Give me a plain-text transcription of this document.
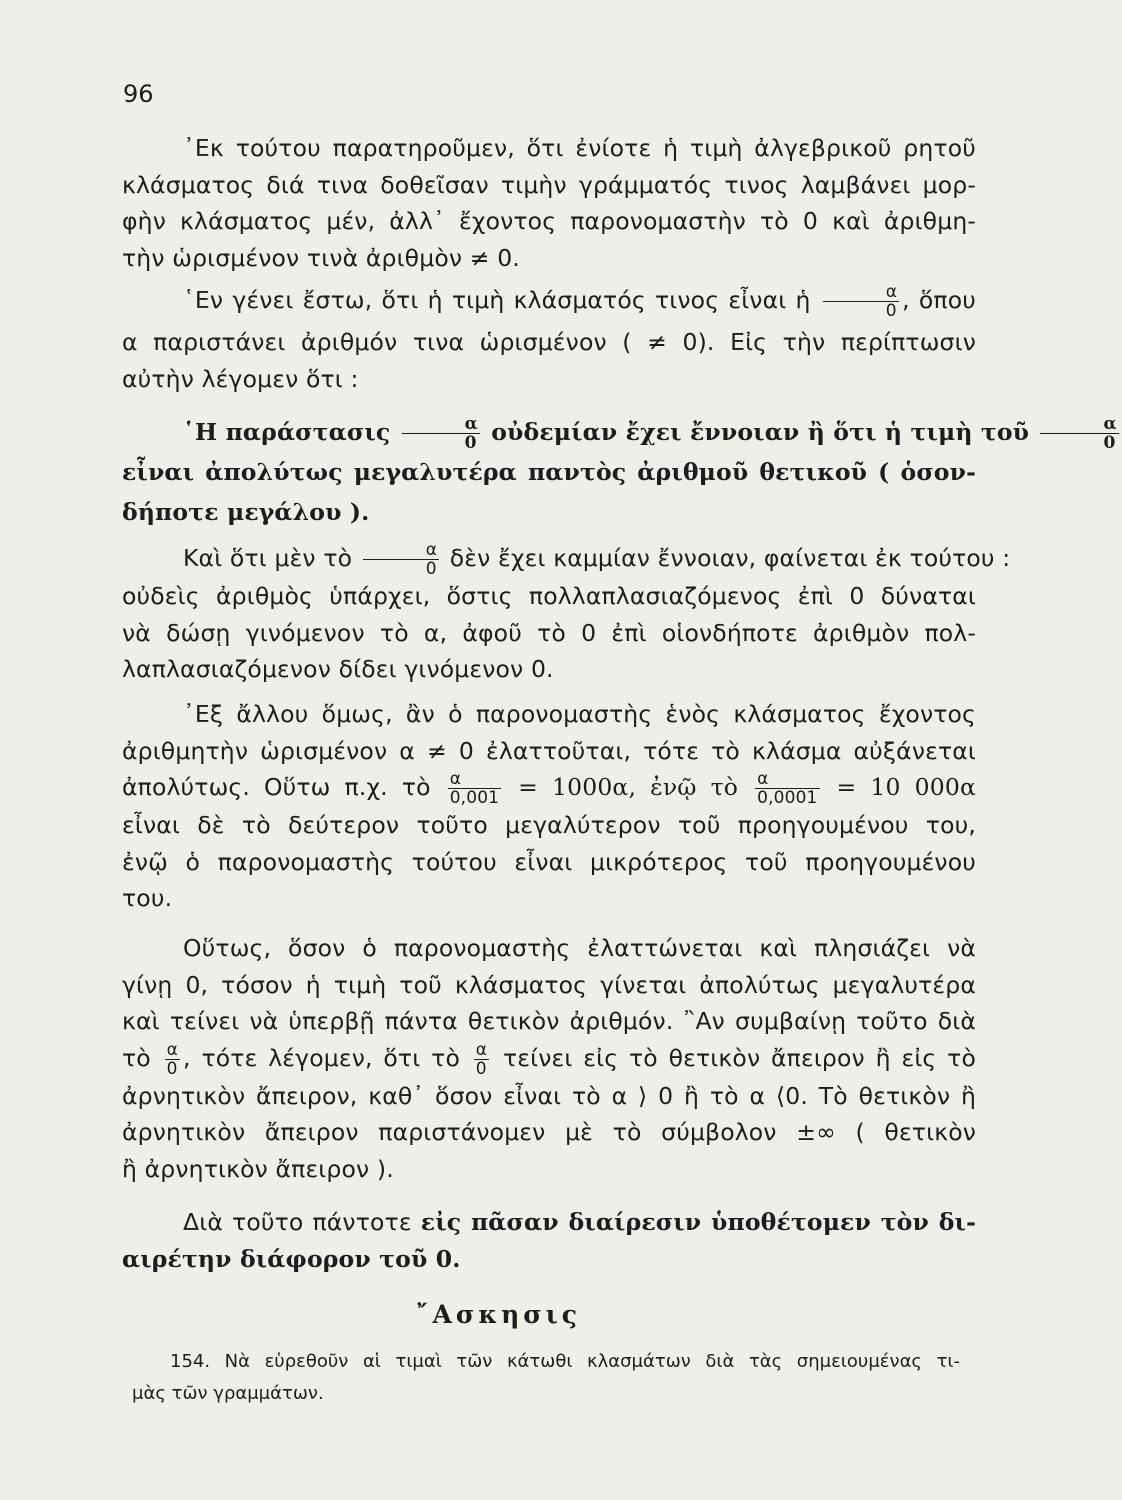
96
᾿Εκ τούτου παρατηροῦμεν, ὅτι ἐνίοτε ἡ τιμὴ ἀλγεβρικοῦ ρητοῦ
κλάσματος διά τινα δοθεῖσαν τιμὴν γράμματός τινος λαμβάνει μορ-
φὴν κλάσματος μέν, ἀλλ᾿ ἔχοντος παρονομαστὴν τὸ 0 καὶ ἀριθμη-
τὴν ὡρισμένον τινὰ ἀριθμὸν ≠ 0.
῾Εν γένει ἔστω, ὅτι ἡ τιμὴ κλάσματός τινος εἶναι ἡ $\frac{\alpha}{0}$ , ὅπου
α παριστάνει ἀριθμόν τινα ὡρισμένον ( ≠ 0). Εἰς τὴν περίπτωσιν
αὐτὴν λέγομεν ὅτι :
῾Η παράστασις $\frac{\alpha}{0}$ οὐδεμίαν ἔχει ἔννοιαν ἢ ὅτι ἡ τιμὴ τοῦ $\frac{\alpha}{0}$
εἶναι ἀπολύτως μεγαλυτέρα παντὸς ἀριθμοῦ θετικοῦ ( ὁσον-
δήποτε μεγάλου ).
Καὶ ὅτι μὲν τὸ $\frac{\alpha}{0}$ δὲν ἔχει καμμίαν ἔννοιαν, φαίνεται ἐκ τούτου :
οὐδεὶς ἀριθμὸς ὑπάρχει, ὅστις πολλαπλασιαζόμενος ἐπὶ 0 δύναται
νὰ δώσῃ γινόμενον τὸ α, ἀφοῦ τὸ 0 ἐπὶ οἱονδήποτε ἀριθμὸν πολ-
λαπλασιαζόμενον δίδει γινόμενον 0.
᾿Εξ ἄλλου ὅμως, ἂν ὁ παρονομαστὴς ἑνὸς κλάσματος ἔχοντος
ἀριθμητὴν ὡρισμένον α ≠ 0 ἐλαττοῦται, τότε τὸ κλάσμα αὐξάνεται
ἀπολύτως. Οὕτω π.χ. τὸ $\frac{\alpha}{0,001} = 1000\alpha$, ἐνῷ τὸ $\frac{\alpha}{0,0001} = 10$ 000α
εἶναι δὲ τὸ δεύτερον τοῦτο μεγαλύτερον τοῦ προηγουμένου του,
ἐνῷ ὁ παρονομαστὴς τούτου εἶναι μικρότερος τοῦ προηγουμένου
του.
Οὕτως, ὅσον ὁ παρονομαστὴς ἐλαττώνεται καὶ πλησιάζει νὰ
γίνῃ 0, τόσον ἡ τιμὴ τοῦ κλάσματος γίνεται ἀπολύτως μεγαλυτέρα
καὶ τείνει νὰ ὑπερβῇ πάντα θετικὸν ἀριθμόν. ῍Αν συμβαίνῃ τοῦτο διὰ
τὸ $\frac{\alpha}{0}$ , τότε λέγομεν, ὅτι τὸ $\frac{\alpha}{0}$ τείνει εἰς τὸ θετικὸν ἄπειρον ἢ εἰς τὸ
ἀρνητικὸν ἄπειρον, καθ᾿ ὅσον εἶναι τὸ α ⟩ 0 ἢ τὸ α ⟨0. Τὸ θετικὸν ἢ
ἀρνητικὸν ἄπειρον παριστάνομεν μὲ τὸ σύμβολον ±∞ ( θετικὸν
ἢ ἀρνητικὸν ἄπειρον ).
Διὰ τοῦτο πάντοτε εἰς πᾶσαν διαίρεσιν ὑποθέτομεν τὸν δι-
αιρέτην διάφορον τοῦ 0.
῎Ασκησις
154. Νὰ εὑρεθοῦν αἱ τιμαὶ τῶν κάτωθι κλασμάτων διὰ τὰς σημειουμένας τι-
μὰς τῶν γραμμάτων.
